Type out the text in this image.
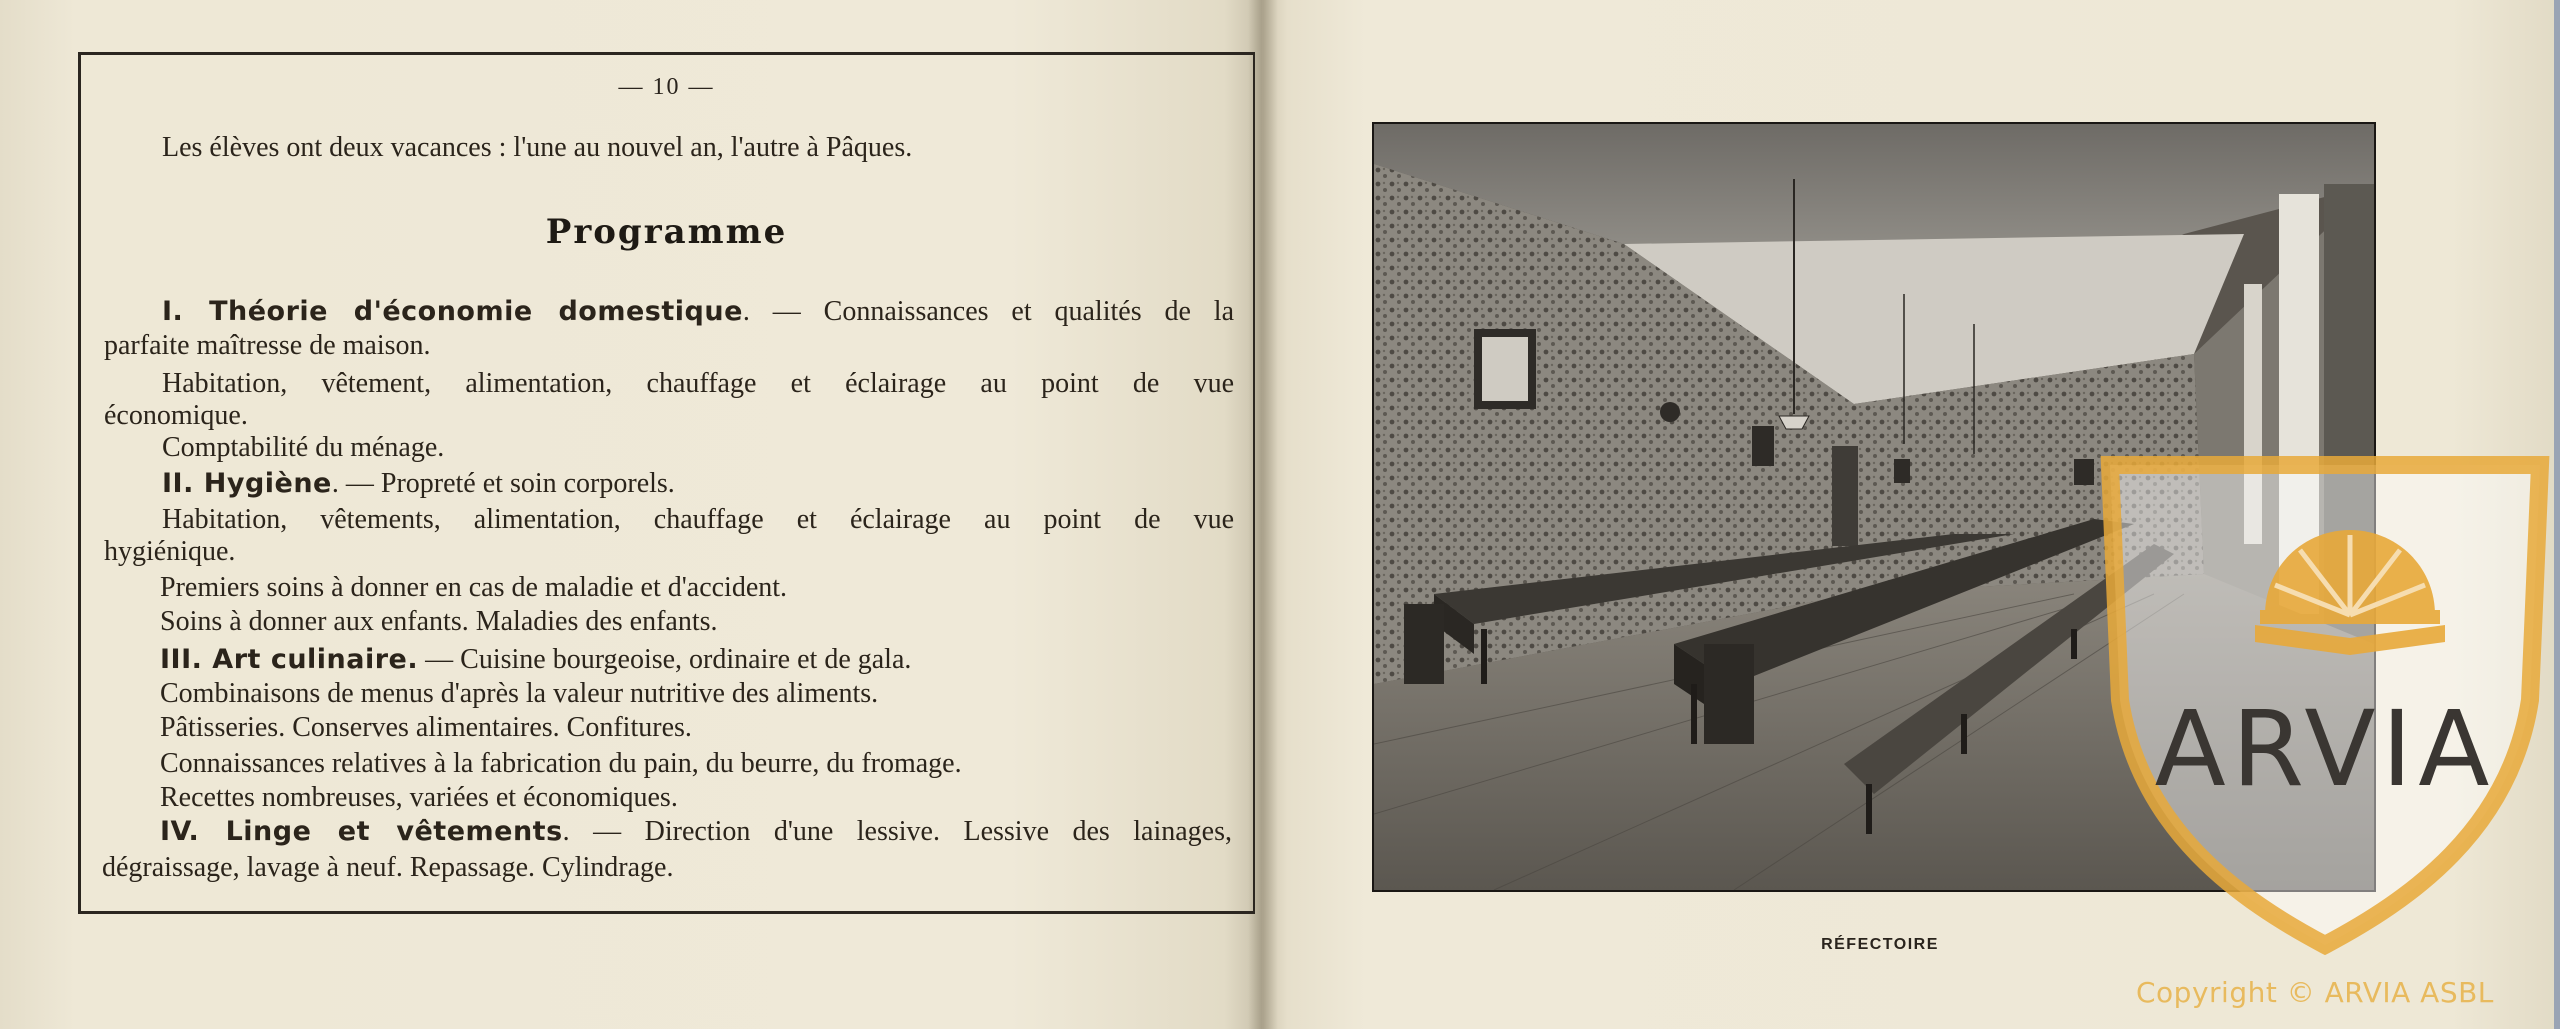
— 10 —
Les élèves ont deux vacances : l'une au nouvel an, l'autre à Pâques.
Programme
I. Théorie d'économie domestique. — Connaissances et qualités de la
parfaite maîtresse de maison.
Habitation, vêtement, alimentation, chauffage et éclairage au point de vue
économique.
Comptabilité du ménage.
II. Hygiène. — Propreté et soin corporels.
Habitation, vêtements, alimentation, chauffage et éclairage au point de vue
hygiénique.
Premiers soins à donner en cas de maladie et d'accident.
Soins à donner aux enfants. Maladies des enfants.
III. Art culinaire. — Cuisine bourgeoise, ordinaire et de gala.
Combinaisons de menus d'après la valeur nutritive des aliments.
Pâtisseries. Conserves alimentaires. Confitures.
Connaissances relatives à la fabrication du pain, du beurre, du fromage.
Recettes nombreuses, variées et économiques.
IV. Linge et vêtements. — Direction d'une lessive. Lessive des lainages,
dégraissage, lavage à neuf. Repassage. Cylindrage.
RÉFECTOIRE
ARVIA
Copyright © ARVIA ASBL
